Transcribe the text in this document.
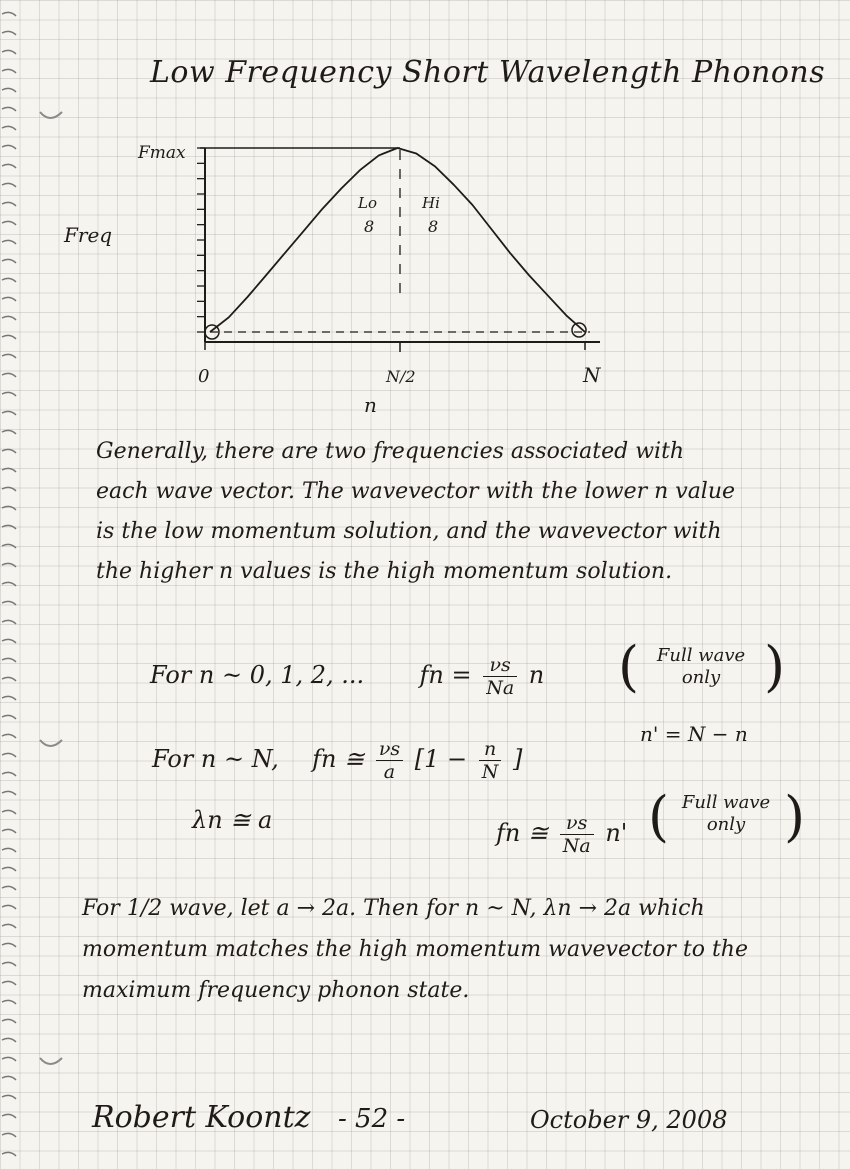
Low Frequency Short Wavelength Phonons
Fmax
Freq
Lo
8
Hi
8
0	N/2	N
n
Generally, there are two frequencies associated with each wave vector. The wavevector with the lower n value is the low momentum solution, and the wavevector with the higher n values is the high momentum solution.
For n ~ 0, 1, 2, ... fn = $\frac{\nu s}{Na}$ n ( Full wave
only )
For n ~ N, fn ≅ $\frac{\nu s}{a} [1 - \frac{n}{N}$ ]
n' = N − n
λn ≅ a	fn ≅ $\frac{\nu s}{Na} n'$ ( Full wave
only )
For 1/2 wave, let a → 2a. Then for n ~ N, λn → 2a which momentum matches the high momentum wavevector to the maximum frequency phonon state.
Robert Koontz - 52 -	October 9, 2008
